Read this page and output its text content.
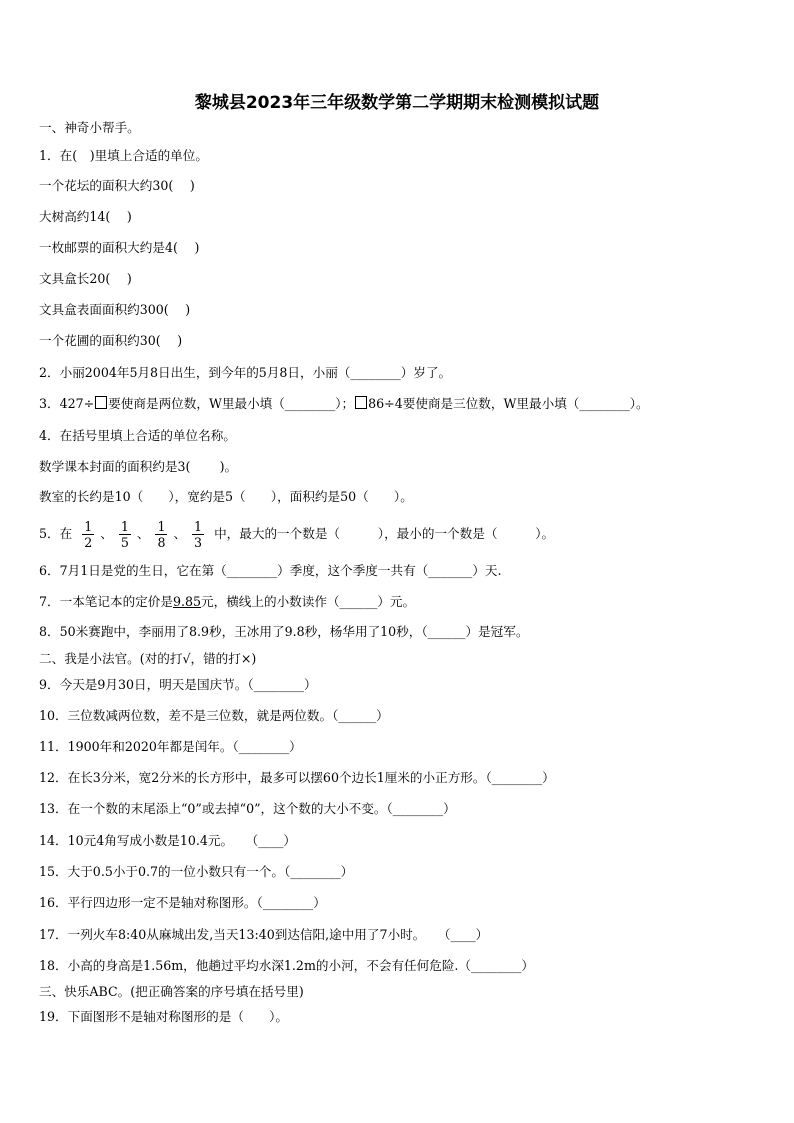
黎城县2023年三年级数学第二学期期末检测模拟试题
一、神奇小帮手。
1．在(　)里填上合适的单位。
一个花坛的面积大约30(　 )
大树高约14(　 )
一枚邮票的面积大约是4(　 )
文具盒长20(　 )
文具盒表面面积约300(　 )
一个花圃的面积约30(　 )
2．小丽2004年5月8日出生，到今年的5月8日，小丽（________）岁了。
3．427÷ 要使商是两位数，W里最小填（________）； 86÷4要使商是三位数，W里最小填（________）。
4．在括号里填上合适的单位名称。
数学课本封面的面积约是3(　　 )。
教室的长约是10（　　），宽约是5（　　），面积约是50（　　）。
5．在 $\frac{1}{2}$ 、 $\frac{1}{5}$ 、 $\frac{1}{8}$ 、 $\frac{1}{3}$ 中，最大的一个数是（　　　），最小的一个数是（　　　）。
6．7月1日是党的生日，它在第（________）季度，这个季度一共有（_______）天.
7．一本笔记本的定价是9.85元，横线上的小数读作（______）元。
8．50米赛跑中，李丽用了8.9秒，王冰用了9.8秒，杨华用了10秒，（______）是冠军。
二、我是小法官。(对的打√，错的打×)
9．今天是9月30日，明天是国庆节。（________）
10．三位数减两位数，差不是三位数，就是两位数。（______）
11．1900年和2020年都是闰年。（________）
12．在长3分米，宽2分米的长方形中，最多可以摆60个边长1厘米的小正方形。（________）
13．在一个数的末尾添上“0”或去掉“0”，这个数的大小不变。（________）
14．10元4角写成小数是10.4元。　　（____）
15．大于0.5小于0.7的一位小数只有一个。（________）
16．平行四边形一定不是轴对称图形。（________）
17．一列火车8:40从麻城出发,当天13:40到达信阳,途中用了7小时。　　（____）
18．小高的身高是1.56m，他趟过平均水深1.2m的小河，不会有任何危险.（________）
三、快乐ABC。(把正确答案的序号填在括号里)
19．下面图形不是轴对称图形的是（　　）。
